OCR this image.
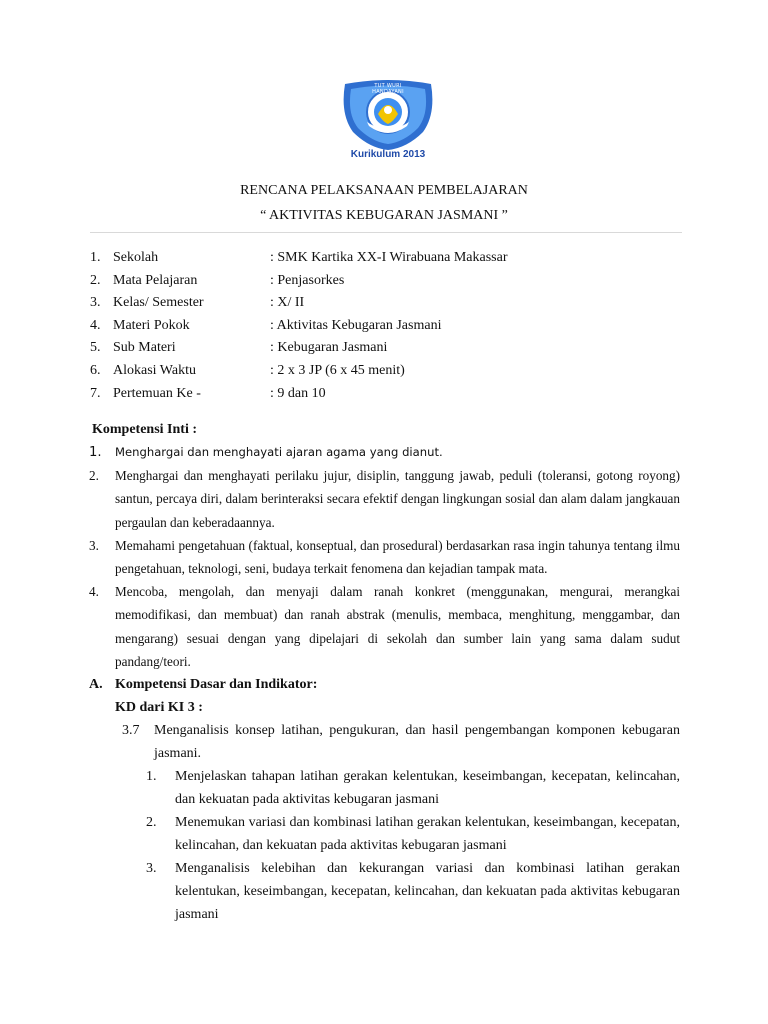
Kurikulum 2013
TUT WURI HANDAYANI
RENCANA PELAKSANAAN PEMBELAJARAN
“ AKTIVITAS KEBUGARAN JASMANI ”
1. Sekolah	: SMK Kartika XX-I Wirabuana Makassar
2. Mata Pelajaran	: Penjasorkes
3. Kelas/ Semester	: X/ II
4. Materi Pokok	: Aktivitas Kebugaran Jasmani
5. Sub Materi	: Kebugaran Jasmani
6. Alokasi Waktu	: 2 x 3 JP (6 x 45 menit)
7. Pertemuan Ke -	: 9 dan 10
Kompetensi Inti :
1. Menghargai dan menghayati ajaran agama yang dianut.
2. Menghargai dan menghayati perilaku jujur, disiplin, tanggung jawab, peduli (toleransi, gotong royong) santun, percaya diri, dalam berinteraksi secara efektif dengan lingkungan sosial dan alam dalam jangkauan pergaulan dan keberadaannya.
3. Memahami pengetahuan (faktual, konseptual, dan prosedural) berdasarkan rasa ingin tahunya tentang ilmu pengetahuan, teknologi, seni, budaya terkait fenomena dan kejadian tampak mata.
4. Mencoba, mengolah, dan menyaji dalam ranah konkret (menggunakan, mengurai, merangkai memodifikasi, dan membuat) dan ranah abstrak (menulis, membaca, menghitung, menggambar, dan mengarang) sesuai dengan yang dipelajari di sekolah dan sumber lain yang sama dalam sudut pandang/teori.
A. Kompetensi Dasar dan Indikator:
KD dari KI 3 :
3.7 Menganalisis konsep latihan, pengukuran, dan hasil pengembangan komponen kebugaran jasmani.
1. Menjelaskan tahapan latihan gerakan kelentukan, keseimbangan, kecepatan, kelincahan, dan kekuatan pada aktivitas kebugaran jasmani
2. Menemukan variasi dan kombinasi latihan gerakan kelentukan, keseimbangan, kecepatan, kelincahan, dan kekuatan pada aktivitas kebugaran jasmani
3. Menganalisis kelebihan dan kekurangan variasi dan kombinasi latihan gerakan kelentukan, keseimbangan, kecepatan, kelincahan, dan kekuatan pada aktivitas kebugaran jasmani
